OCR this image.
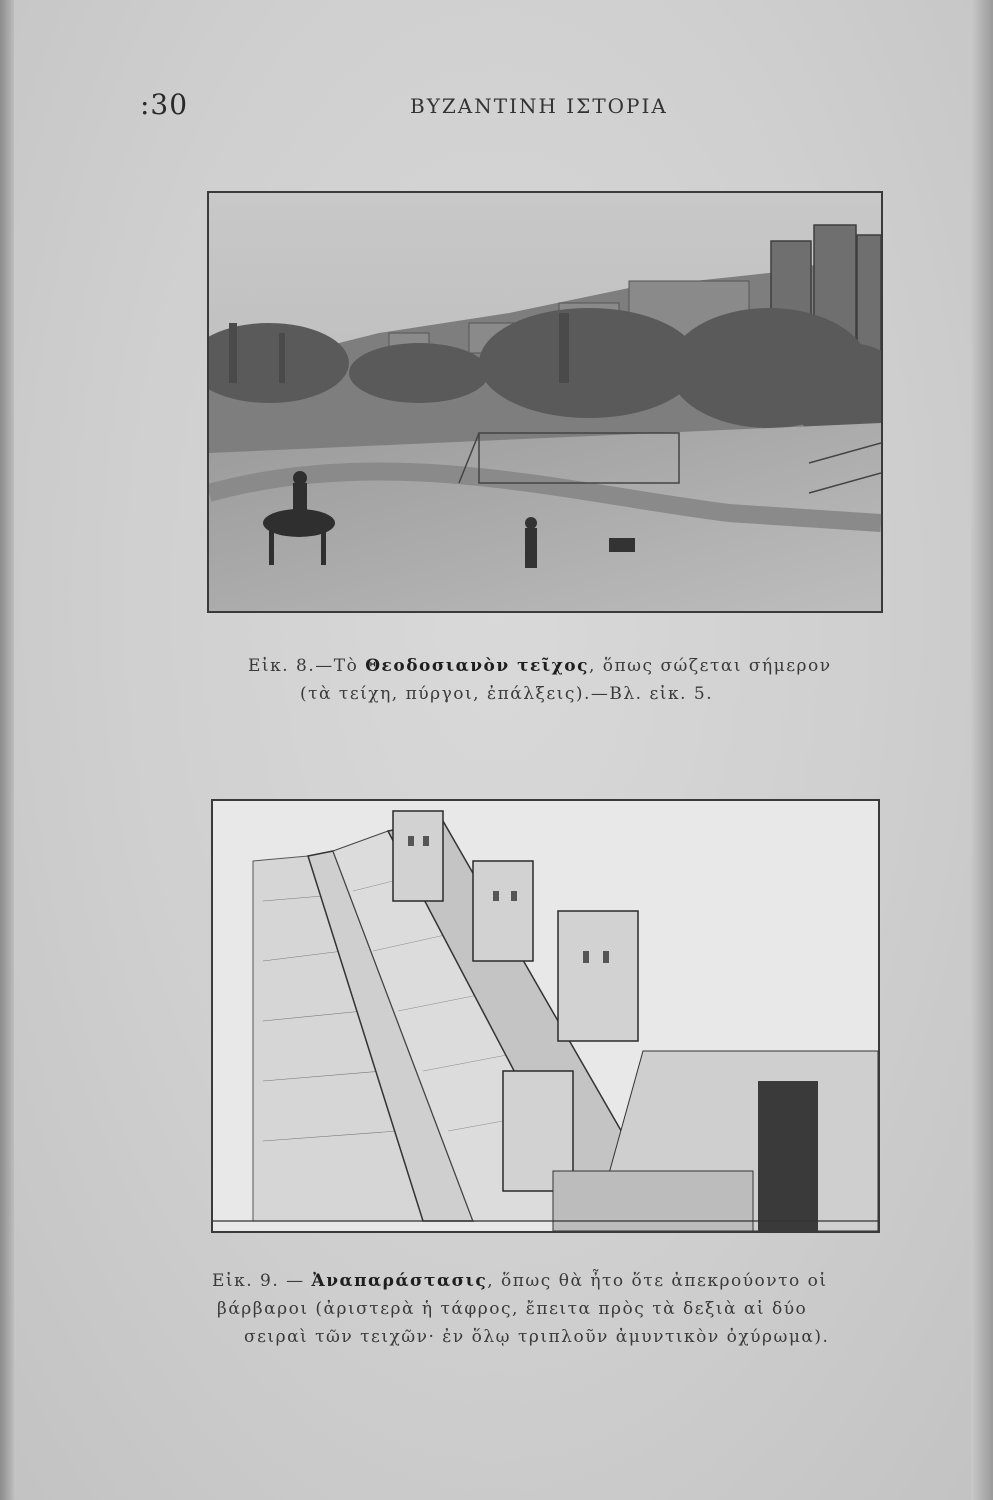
:30	ΒΥΖΑΝΤΙΝΗ ΙΣΤΟΡΙΑ
Εἰκ. 8.—Τὸ Θεοδοσιανὸν τεῖχος, ὅπως σώζεται σήμερον
(τὰ τείχη, πύργοι, ἐπάλξεις).—Βλ. εἰκ. 5.
Εἰκ. 9. — Ἀναπαράστασις, ὅπως θὰ ἦτο ὅτε ἀπεκρούοντο οἱ
βάρβαροι (ἀριστερὰ ἡ τάφρος, ἔπειτα πρὸς τὰ δεξιὰ αἱ δύο
σειραὶ τῶν τειχῶν· ἐν ὅλῳ τριπλοῦν ἀμυντικὸν ὀχύρωμα).
